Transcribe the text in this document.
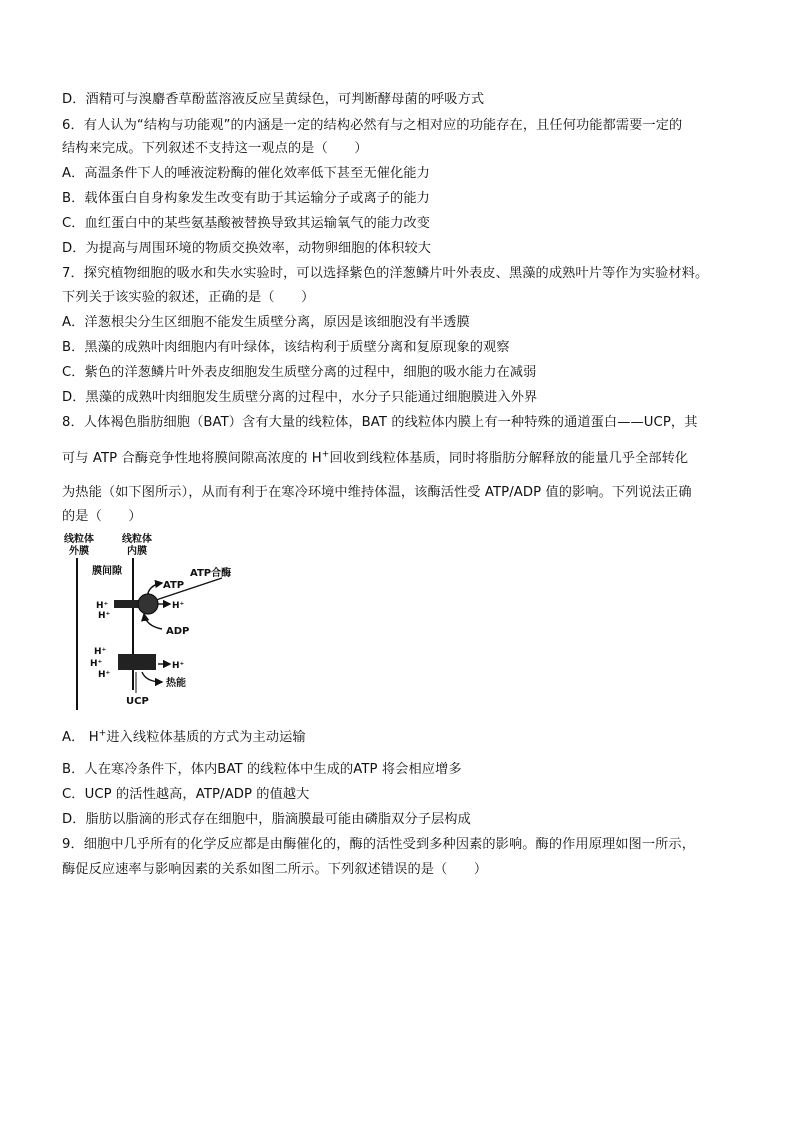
D．酒精可与溴麝香草酚蓝溶液反应呈黄绿色，可判断酵母菌的呼吸方式
6．有人认为“结构与功能观”的内涵是一定的结构必然有与之相对应的功能存在，且任何功能都需要一定的
结构来完成。下列叙述不支持这一观点的是（　　）
A．高温条件下人的唾液淀粉酶的催化效率低下甚至无催化能力
B．载体蛋白自身构象发生改变有助于其运输分子或离子的能力
C．血红蛋白中的某些氨基酸被替换导致其运输氧气的能力改变
D．为提高与周围环境的物质交换效率，动物卵细胞的体积较大
7．探究植物细胞的吸水和失水实验时，可以选择紫色的洋葱鳞片叶外表皮、黑藻的成熟叶片等作为实验材料。
下列关于该实验的叙述，正确的是（　　）
A．洋葱根尖分生区细胞不能发生质壁分离，原因是该细胞没有半透膜
B．黑藻的成熟叶肉细胞内有叶绿体，该结构利于质壁分离和复原现象的观察
C．紫色的洋葱鳞片叶外表皮细胞发生质壁分离的过程中，细胞的吸水能力在减弱
D．黑藻的成熟叶肉细胞发生质壁分离的过程中，水分子只能通过细胞膜进入外界
8．人体褐色脂肪细胞（BAT）含有大量的线粒体，BAT 的线粒体内膜上有一种特殊的通道蛋白——UCP，其
可与 ATP 合酶竞争性地将膜间隙高浓度的 H+回收到线粒体基质，同时将脂肪分解释放的能量几乎全部转化
为热能（如下图所示），从而有利于在寒冷环境中维持体温，该酶活性受 ATP/ADP 值的影响。下列说法正确
的是（　　）
线粒体
外膜
线粒体
内膜
膜间隙	ATP合酶
ATP
H⁺
H⁺
H⁺
ADP
H⁺
H⁺
H⁺
H⁺
热能
UCP
A． H+进入线粒体基质的方式为主动运输
B．人在寒冷条件下，体内BAT 的线粒体中生成的ATP 将会相应增多
C．UCP 的活性越高，ATP/ADP 的值越大
D．脂肪以脂滴的形式存在细胞中，脂滴膜最可能由磷脂双分子层构成
9．细胞中几乎所有的化学反应都是由酶催化的，酶的活性受到多种因素的影响。酶的作用原理如图一所示，
酶促反应速率与影响因素的关系如图二所示。下列叙述错误的是（　　）
